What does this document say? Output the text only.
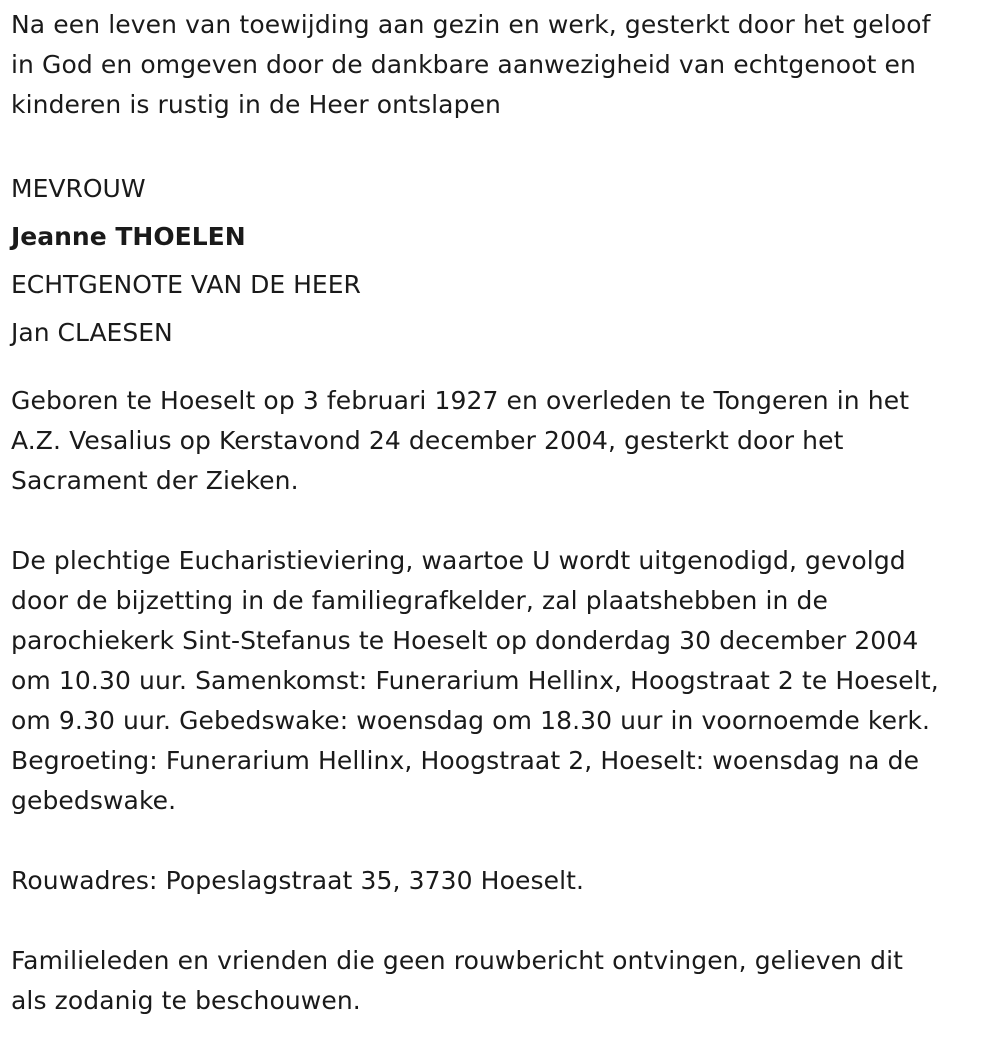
Na een leven van toewijding aan gezin en werk, gesterkt door het geloof
in God en omgeven door de dankbare aanwezigheid van echtgenoot en
kinderen is rustig in de Heer ontslapen

MEVROUW
Jeanne THOELEN
ECHTGENOTE VAN DE HEER
Jan CLAESEN

Geboren te Hoeselt op 3 februari 1927 en overleden te Tongeren in het
A.Z. Vesalius op Kerstavond 24 december 2004, gesterkt door het
Sacrament der Zieken.

De plechtige Eucharistieviering, waartoe U wordt uitgenodigd, gevolgd
door de bijzetting in de familiegrafkelder, zal plaatshebben in de
parochiekerk Sint-Stefanus te Hoeselt op donderdag 30 december 2004
om 10.30 uur. Samenkomst: Funerarium Hellinx, Hoogstraat 2 te Hoeselt,
om 9.30 uur. Gebedswake: woensdag om 18.30 uur in voornoemde kerk.
Begroeting: Funerarium Hellinx, Hoogstraat 2, Hoeselt: woensdag na de
gebedswake.

Rouwadres: Popeslagstraat 35, 3730 Hoeselt.

Familieleden en vrienden die geen rouwbericht ontvingen, gelieven dit
als zodanig te beschouwen.
